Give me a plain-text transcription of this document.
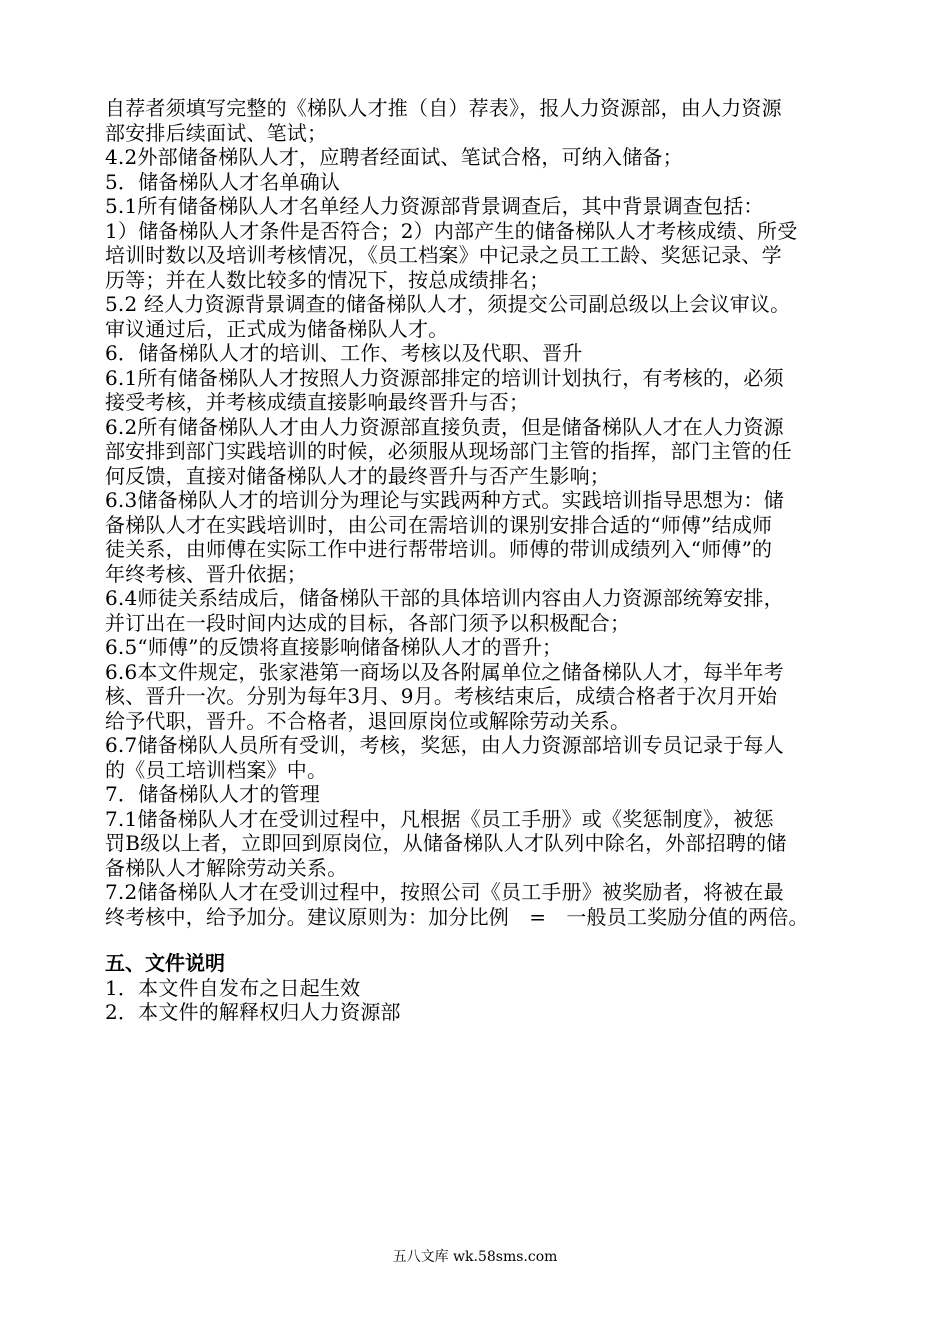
自荐者须填写完整的《梯队人才推（自）荐表》，报人力资源部，由人力资源
部安排后续面试、笔试；
4.2外部储备梯队人才，应聘者经面试、笔试合格，可纳入储备；
5．储备梯队人才名单确认
5.1所有储备梯队人才名单经人力资源部背景调查后，其中背景调查包括：
1）储备梯队人才条件是否符合；2）内部产生的储备梯队人才考核成绩、所受
培训时数以及培训考核情况，《员工档案》中记录之员工工龄、奖惩记录、学
历等；并在人数比较多的情况下，按总成绩排名；
5.2 经人力资源背景调查的储备梯队人才，须提交公司副总级以上会议审议。
审议通过后，正式成为储备梯队人才。
6．储备梯队人才的培训、工作、考核以及代职、晋升
6.1所有储备梯队人才按照人力资源部排定的培训计划执行，有考核的，必须
接受考核，并考核成绩直接影响最终晋升与否；
6.2所有储备梯队人才由人力资源部直接负责，但是储备梯队人才在人力资源
部安排到部门实践培训的时候，必须服从现场部门主管的指挥，部门主管的任
何反馈，直接对储备梯队人才的最终晋升与否产生影响；
6.3储备梯队人才的培训分为理论与实践两种方式。实践培训指导思想为：储
备梯队人才在实践培训时，由公司在需培训的课别安排合适的“师傅”结成师
徒关系，由师傅在实际工作中进行帮带培训。师傅的带训成绩列入“师傅”的
年终考核、晋升依据；
6.4师徒关系结成后，储备梯队干部的具体培训内容由人力资源部统筹安排，
并订出在一段时间内达成的目标，各部门须予以积极配合；
6.5“师傅”的反馈将直接影响储备梯队人才的晋升；
6.6本文件规定，张家港第一商场以及各附属单位之储备梯队人才，每半年考
核、晋升一次。分别为每年3月、9月。考核结束后，成绩合格者于次月开始
给予代职，晋升。不合格者，退回原岗位或解除劳动关系。
6.7储备梯队人员所有受训，考核，奖惩，由人力资源部培训专员记录于每人
的《员工培训档案》中。
7．储备梯队人才的管理
7.1储备梯队人才在受训过程中，凡根据《员工手册》或《奖惩制度》，被惩
罚B级以上者，立即回到原岗位，从储备梯队人才队列中除名，外部招聘的储
备梯队人才解除劳动关系。
7.2储备梯队人才在受训过程中，按照公司《员工手册》被奖励者，将被在最
终考核中，给予加分。建议原则为：加分比例　=　一般员工奖励分值的两倍。
五、文件说明
1．本文件自发布之日起生效
2．本文件的解释权归人力资源部
五八文库 wk.58sms.com
